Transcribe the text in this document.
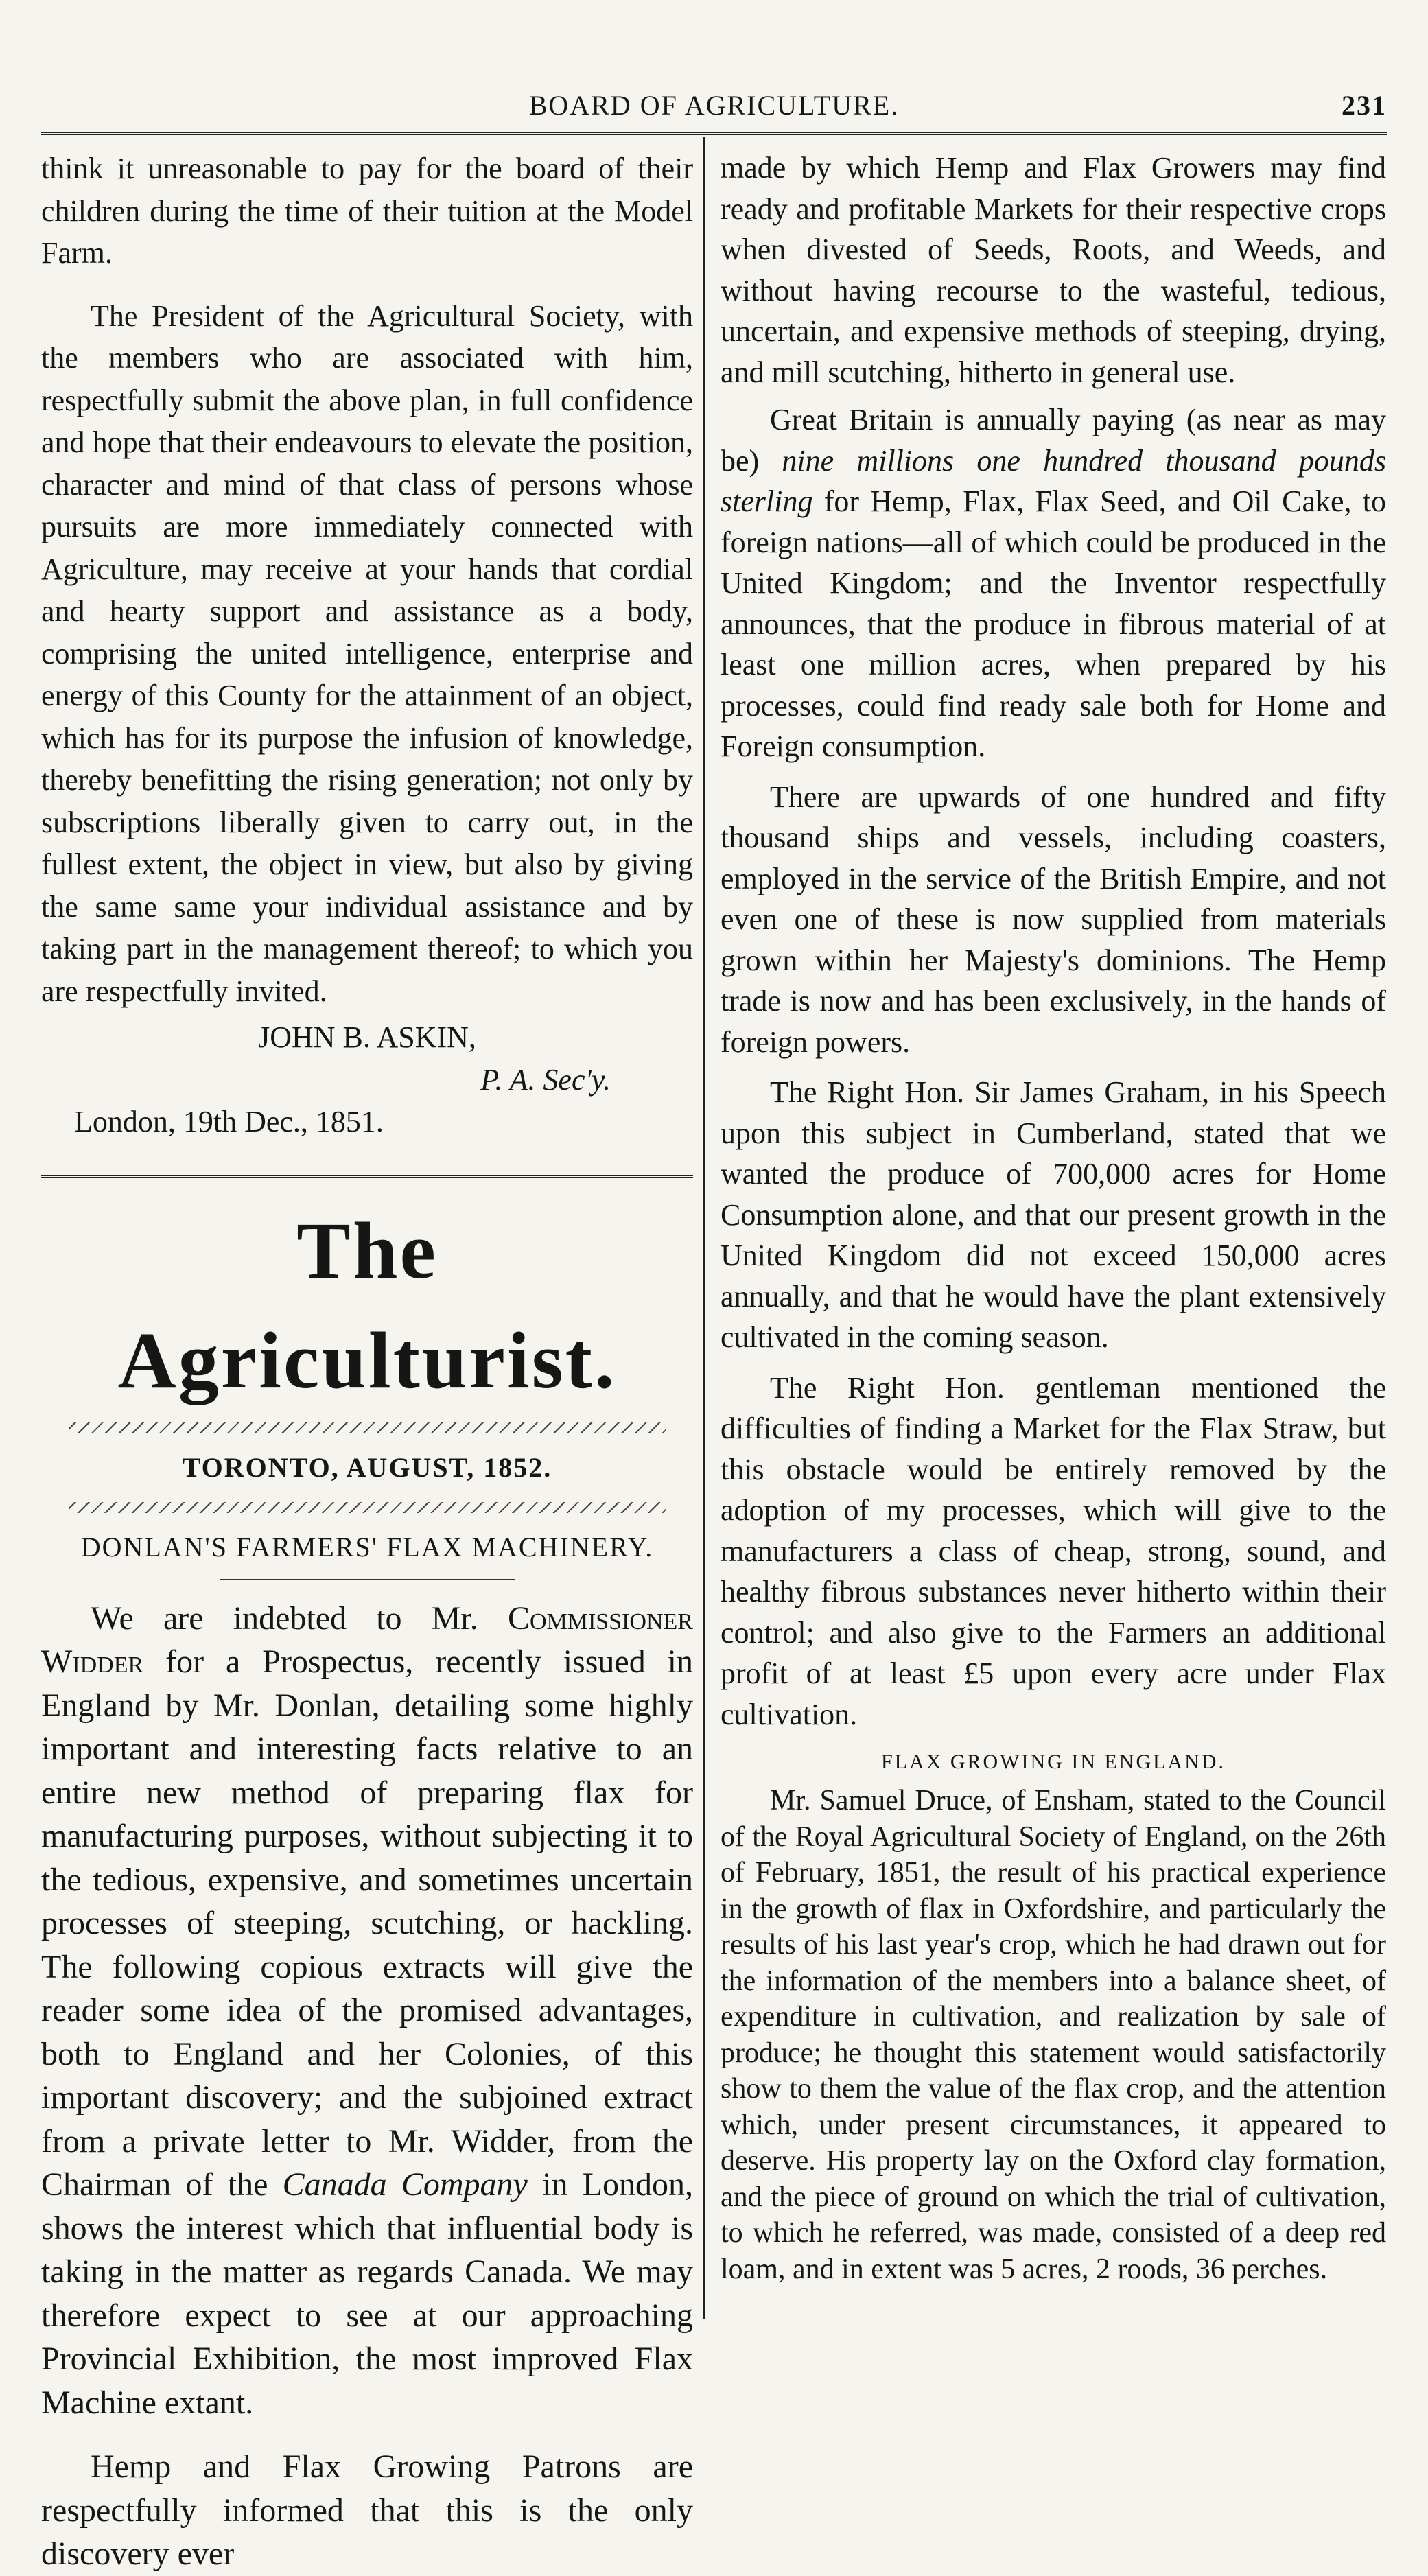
BOARD OF AGRICULTURE.	231

think it unreasonable to pay for the board of their children during the time of their tuition at the Model Farm.

The President of the Agricultural Society, with the members who are associated with him, respectfully submit the above plan, in full confidence and hope that their endeavours to elevate the position, character and mind of that class of persons whose pursuits are more immediately connected with Agriculture, may receive at your hands that cordial and hearty support and assistance as a body, comprising the united intelligence, enterprise and energy of this County for the attainment of an object, which has for its purpose the infusion of knowledge, thereby benefitting the rising generation; not only by subscriptions liberally given to carry out, in the fullest extent, the object in view, but also by giving the same same your individual assistance and by taking part in the management thereof; to which you are respectfully invited.

JOHN B. ASKIN,
P. A. Sec'y.
London, 19th Dec., 1851.
The Agriculturist.
TORONTO, AUGUST, 1852.
DONLAN'S FARMERS' FLAX MACHINERY.

We are indebted to Mr. Commissioner Widder for a Prospectus, recently issued in England by Mr. Donlan, detailing some highly important and interesting facts relative to an entire new method of preparing flax for manufacturing purposes, without subjecting it to the tedious, expensive, and sometimes uncertain processes of steeping, scutching, or hackling. The following copious extracts will give the reader some idea of the promised advantages, both to England and her Colonies, of this important discovery; and the subjoined extract from a private letter to Mr. Widder, from the Chairman of the Canada Company in London, shows the interest which that influential body is taking in the matter as regards Canada. We may therefore expect to see at our approaching Provincial Exhibition, the most improved Flax Machine extant.

Hemp and Flax Growing Patrons are respectfully informed that this is the only discovery ever

made by which Hemp and Flax Growers may find ready and profitable Markets for their respective crops when divested of Seeds, Roots, and Weeds, and without having recourse to the wasteful, tedious, uncertain, and expensive methods of steeping, drying, and mill scutching, hitherto in general use.

Great Britain is annually paying (as near as may be) nine millions one hundred thousand pounds sterling for Hemp, Flax, Flax Seed, and Oil Cake, to foreign nations—all of which could be produced in the United Kingdom; and the Inventor respectfully announces, that the produce in fibrous material of at least one million acres, when prepared by his processes, could find ready sale both for Home and Foreign consumption.

There are upwards of one hundred and fifty thousand ships and vessels, including coasters, employed in the service of the British Empire, and not even one of these is now supplied from materials grown within her Majesty's dominions. The Hemp trade is now and has been exclusively, in the hands of foreign powers.

The Right Hon. Sir James Graham, in his Speech upon this subject in Cumberland, stated that we wanted the produce of 700,000 acres for Home Consumption alone, and that our present growth in the United Kingdom did not exceed 150,000 acres annually, and that he would have the plant extensively cultivated in the coming season.

The Right Hon. gentleman mentioned the difficulties of finding a Market for the Flax Straw, but this obstacle would be entirely removed by the adoption of my processes, which will give to the manufacturers a class of cheap, strong, sound, and healthy fibrous substances never hitherto within their control; and also give to the Farmers an additional profit of at least £5 upon every acre under Flax cultivation.

FLAX GROWING IN ENGLAND.

Mr. Samuel Druce, of Ensham, stated to the Council of the Royal Agricultural Society of England, on the 26th of February, 1851, the result of his practical experience in the growth of flax in Oxfordshire, and particularly the results of his last year's crop, which he had drawn out for the information of the members into a balance sheet, of expenditure in cultivation, and realization by sale of produce; he thought this statement would satisfactorily show to them the value of the flax crop, and the attention which, under present circumstances, it appeared to deserve. His property lay on the Oxford clay formation, and the piece of ground on which the trial of cultivation, to which he referred, was made, consisted of a deep red loam, and in extent was 5 acres, 2 roods, 36 perches.
